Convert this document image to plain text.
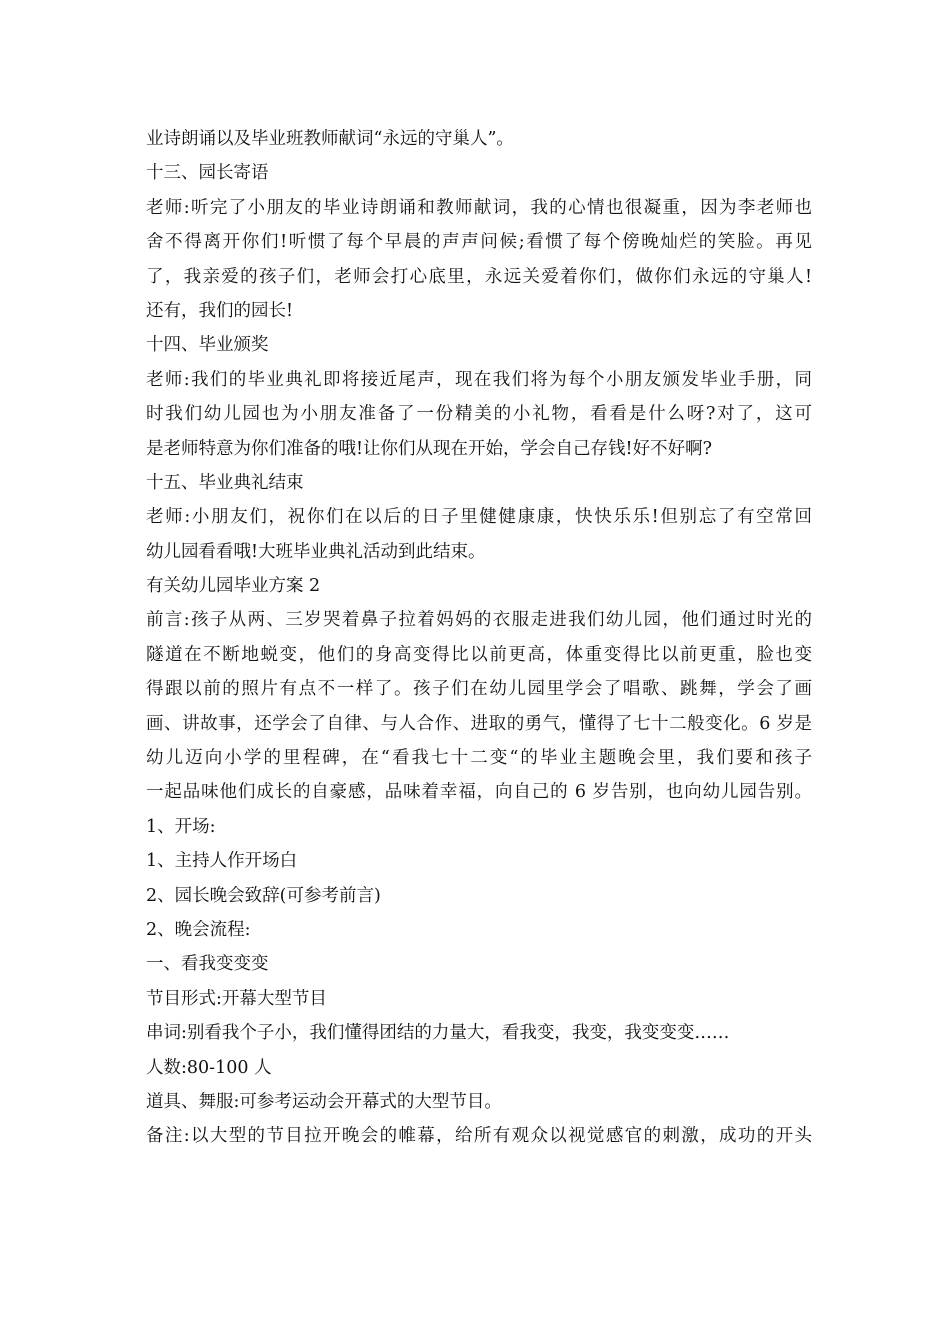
业诗朗诵以及毕业班教师献词“永远的守巢人”。
十三、园长寄语
老师:听完了小朋友的毕业诗朗诵和教师献词，我的心情也很凝重，因为李老师也
舍不得离开你们!听惯了每个早晨的声声问候;看惯了每个傍晚灿烂的笑脸。再见
了，我亲爱的孩子们，老师会打心底里，永远关爱着你们，做你们永远的守巢人!
还有，我们的园长!
十四、毕业颁奖
老师:我们的毕业典礼即将接近尾声，现在我们将为每个小朋友颁发毕业手册，同
时我们幼儿园也为小朋友准备了一份精美的小礼物，看看是什么呀?对了，这可
是老师特意为你们准备的哦!让你们从现在开始，学会自己存钱!好不好啊?
十五、毕业典礼结束
老师:小朋友们，祝你们在以后的日子里健健康康，快快乐乐!但别忘了有空常回
幼儿园看看哦!大班毕业典礼活动到此结束。
有关幼儿园毕业方案 2
前言:孩子从两、三岁哭着鼻子拉着妈妈的衣服走进我们幼儿园，他们通过时光的
隧道在不断地蜕变，他们的身高变得比以前更高，体重变得比以前更重，脸也变
得跟以前的照片有点不一样了。孩子们在幼儿园里学会了唱歌、跳舞，学会了画
画、讲故事，还学会了自律、与人合作、进取的勇气，懂得了七十二般变化。6 岁是
幼儿迈向小学的里程碑，在“看我七十二变“的毕业主题晚会里，我们要和孩子
一起品味他们成长的自豪感，品味着幸福，向自己的 6 岁告别，也向幼儿园告别。
1、开场:
1、主持人作开场白
2、园长晚会致辞(可参考前言)
2、晚会流程:
一、看我变变变
节目形式:开幕大型节目
串词:别看我个子小，我们懂得团结的力量大，看我变，我变，我变变变……
人数:80-100 人
道具、舞服:可参考运动会开幕式的大型节目。
备注:以大型的节目拉开晚会的帷幕，给所有观众以视觉感官的刺激，成功的开头
